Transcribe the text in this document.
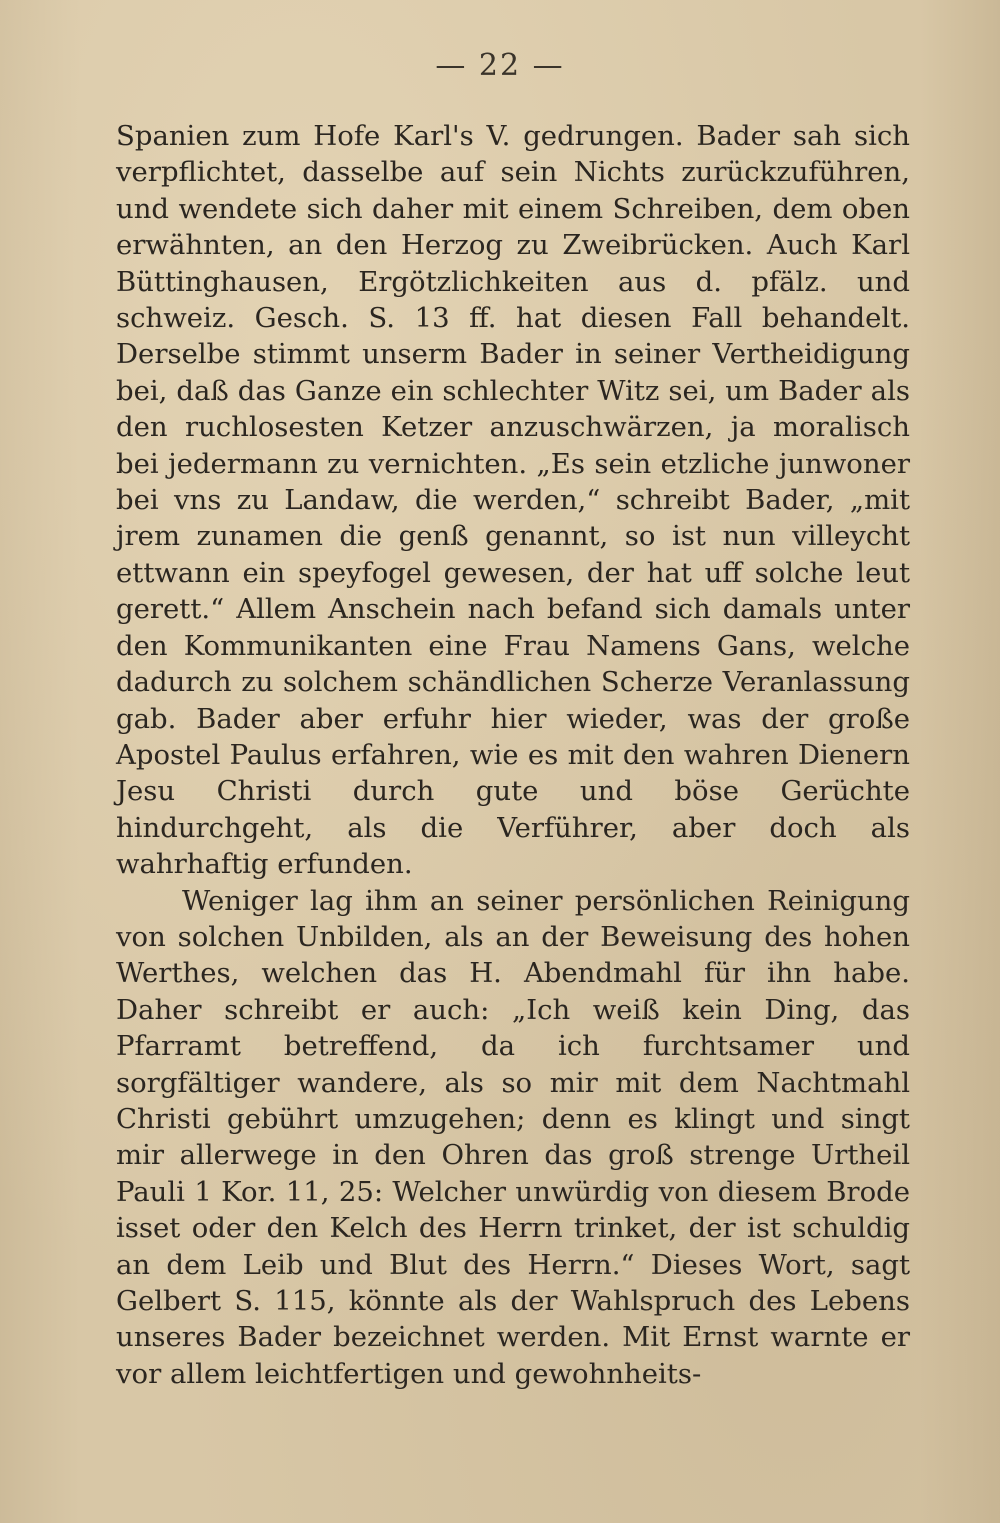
— 22 —

Spanien zum Hofe Karl's V. gedrungen. Bader sah sich verpflichtet, dasselbe auf sein Nichts zurückzuführen, und wendete sich daher mit einem Schreiben, dem oben erwähnten, an den Herzog zu Zweibrücken. Auch Karl Büttinghausen, Ergötzlichkeiten aus d. pfälz. und schweiz. Gesch. S. 13 ff. hat diesen Fall behandelt. Derselbe stimmt unserm Bader in seiner Vertheidigung bei, daß das Ganze ein schlechter Witz sei, um Bader als den ruchlosesten Ketzer anzuschwärzen, ja moralisch bei jedermann zu vernichten. „Es sein etzliche junwoner bei vns zu Landaw, die werden,“ schreibt Bader, „mit jrem zunamen die genß genannt, so ist nun villeycht ettwann ein speyfogel gewesen, der hat uff solche leut gerett.“ Allem Anschein nach befand sich damals unter den Kommunikanten eine Frau Namens Gans, welche dadurch zu solchem schändlichen Scherze Veranlassung gab. Bader aber erfuhr hier wieder, was der große Apostel Paulus erfahren, wie es mit den wahren Dienern Jesu Christi durch gute und böse Gerüchte hindurchgeht, als die Verführer, aber doch als wahrhaftig erfunden.

Weniger lag ihm an seiner persönlichen Reinigung von solchen Unbilden, als an der Beweisung des hohen Werthes, welchen das H. Abendmahl für ihn habe. Daher schreibt er auch: „Ich weiß kein Ding, das Pfarramt betreffend, da ich furchtsamer und sorgfältiger wandere, als so mir mit dem Nachtmahl Christi gebührt umzugehen; denn es klingt und singt mir allerwege in den Ohren das groß strenge Urtheil Pauli 1 Kor. 11, 25: Welcher unwürdig von diesem Brode isset oder den Kelch des Herrn trinket, der ist schuldig an dem Leib und Blut des Herrn.“ Dieses Wort, sagt Gelbert S. 115, könnte als der Wahlspruch des Lebens unseres Bader bezeichnet werden. Mit Ernst warnte er vor allem leichtfertigen und gewohnheits-
